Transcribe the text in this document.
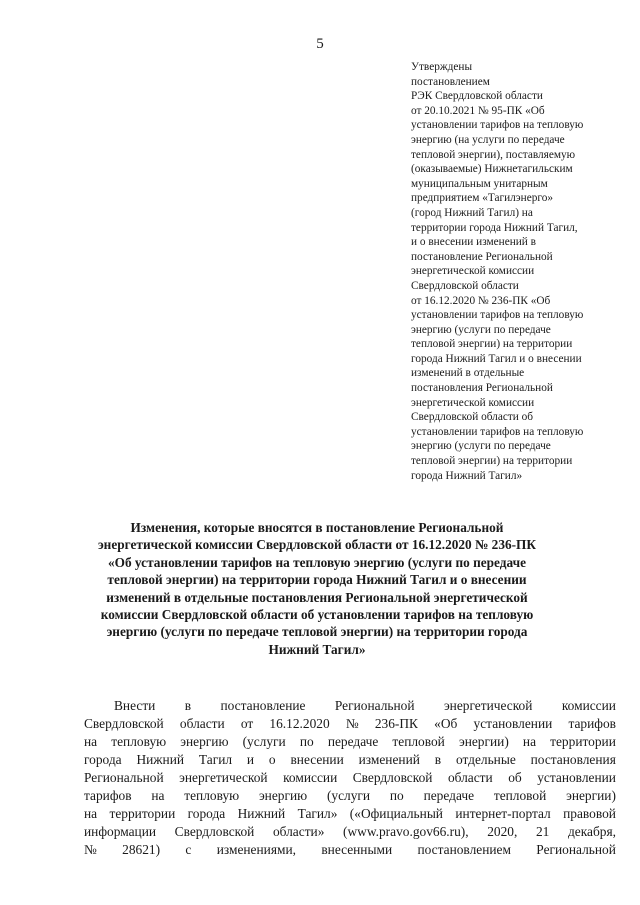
5
Утверждены
постановлением
РЭК Свердловской области
от 20.10.2021 № 95-ПК «Об
установлении тарифов на тепловую
энергию (на услуги по передаче
тепловой энергии), поставляемую
(оказываемые) Нижнетагильским
муниципальным унитарным
предприятием «Тагилэнерго»
(город Нижний Тагил) на
территории города Нижний Тагил,
и о внесении изменений в
постановление Региональной
энергетической комиссии
Свердловской области
от 16.12.2020 № 236-ПК «Об
установлении тарифов на тепловую
энергию (услуги по передаче
тепловой энергии) на территории
города Нижний Тагил и о внесении
изменений в отдельные
постановления Региональной
энергетической комиссии
Свердловской области об
установлении тарифов на тепловую
энергию (услуги по передаче
тепловой энергии) на территории
города Нижний Тагил»
Изменения, которые вносятся в постановление Региональной
энергетической комиссии Свердловской области от 16.12.2020 № 236-ПК
«Об установлении тарифов на тепловую энергию (услуги по передаче
тепловой энергии) на территории города Нижний Тагил и о внесении
изменений в отдельные постановления Региональной энергетической
комиссии Свердловской области об установлении тарифов на тепловую
энергию (услуги по передаче тепловой энергии) на территории города
Нижний Тагил»
Внести в постановление Региональной энергетической комиссии
Свердловской области от 16.12.2020 № 236-ПК «Об установлении тарифов
на тепловую энергию (услуги по передаче тепловой энергии) на территории
города Нижний Тагил и о внесении изменений в отдельные постановления
Региональной энергетической комиссии Свердловской области об установлении
тарифов на тепловую энергию (услуги по передаче тепловой энергии)
на территории города Нижний Тагил» («Официальный интернет-портал правовой
информации Свердловской области» (www.pravo.gov66.ru), 2020, 21 декабря,
№ 28621) с изменениями, внесенными постановлением Региональной
